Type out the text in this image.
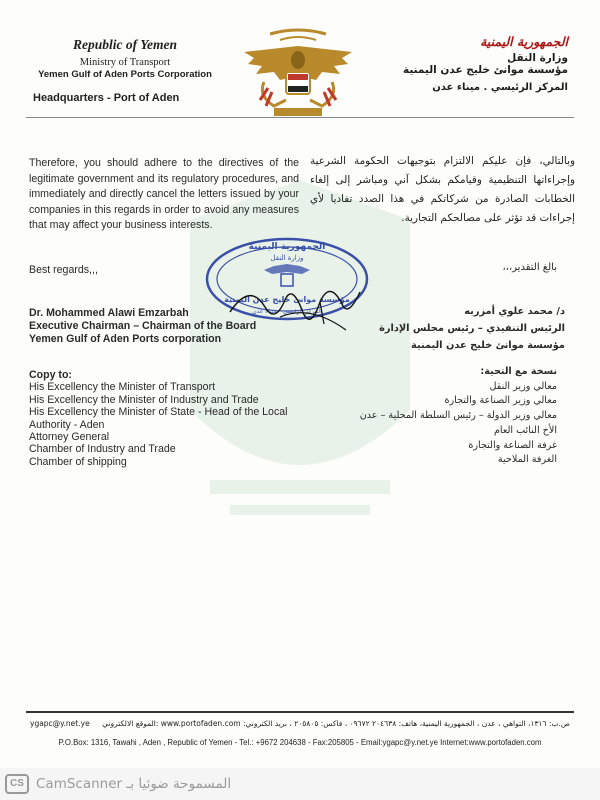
Republic of Yemen
Ministry of Transport
Yemen Gulf of Aden Ports Corporation
Headquarters - Port of Aden
الجمهورية اليمنية
وزارة النقل
مؤسسة موانئ خليج عدن اليمنية
المركز الرئيسي . ميناء عدن
Therefore, you should adhere to the directives of the legitimate government and its regulatory procedures, and immediately and directly cancel the letters issued by your companies in this regards in order to avoid any measures that may affect your business interests.
وبالتالي، فإن عليكم الالتزام بتوجيهات الحكومة الشرعية وإجراءاتها التنظيمية وقيامكم بشكل آني ومباشر إلى إلغاء الخطابات الصادرة من شركاتكم في هذا الصدد تفاديا لأي إجراءات قد تؤثر على مصالحكم التجارية.
Best regards,,,	بالغ التقدير،،،
الجمهورية اليمنية
وزارة النقل
مؤسسة موانئ خليج عدن اليمنية
المركز الرئيسي - ميناء عدن
Dr. Mohammed Alawi Emzarbah
Executive Chairman – Chairman of the Board
Yemen Gulf of Aden Ports corporation
د/ محمد علوي أمزربه
الرئيس التنفيذي – رئيس مجلس الإدارة
مؤسسة موانئ خليج عدن اليمنية
Copy to:
His Excellency the Minister of Transport
His Excellency the Minister of Industry and Trade
His Excellency the Minister of State - Head of the Local
Authority - Aden
Attorney General
Chamber of Industry and Trade
Chamber of shipping
نسخة مع التحية:
معالي وزير النقل
معالي وزير الصناعة والتجارة
معالي وزير الدولة – رئيس السلطة المحلية – عدن
الأخ النائب العام
غرفة الصناعة والتجارة
الغرفة الملاحية
ص.ب: ١٣١٦، التواهي ، عدن ، الجمهورية اليمنية، هاتف: ٢٠٤٦٣٨ ٠٩٦٧٢ ، فاكس: ٢٠٥٨٠٥ ، بريد الكتروني: www.portofaden.com :الموقع الالكتروني
ygapc@y.net.ye
P.O.Box: 1316, Tawahi , Aden , Republic of Yemen - Tel.: +9672 204638 - Fax:205805 - Email:ygapc@y.net.ye Internet:www.portofaden.com
CS المسموحة ضوئيا بـ CamScanner
